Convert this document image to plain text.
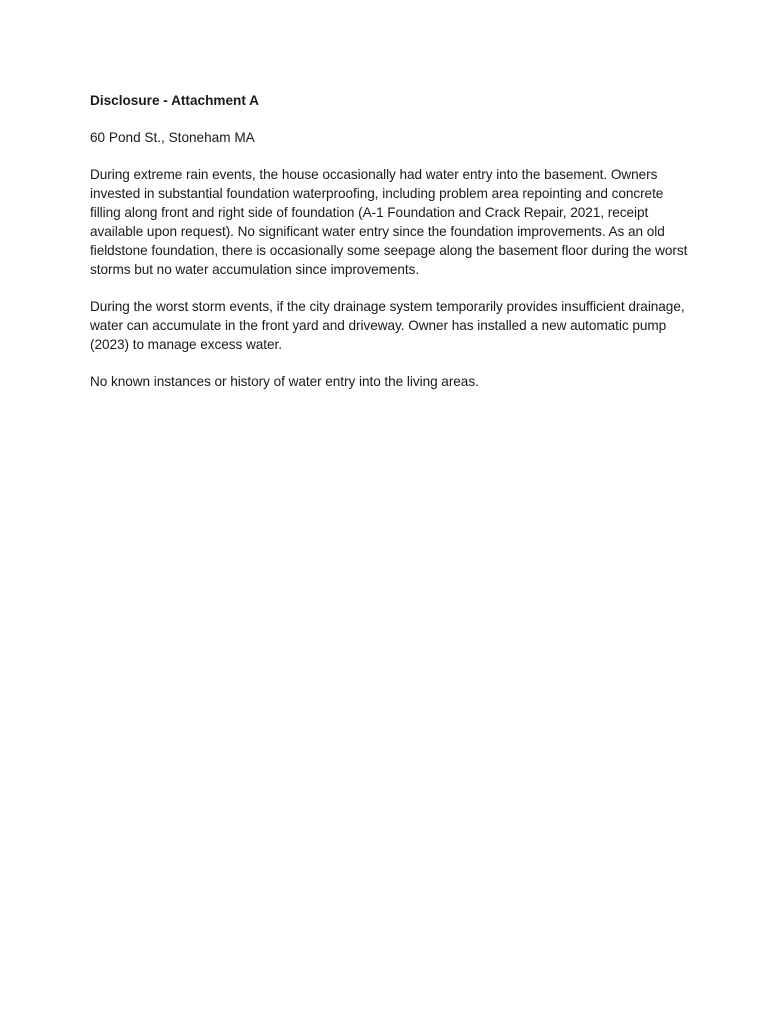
Disclosure - Attachment A
60 Pond St., Stoneham MA
During extreme rain events, the house occasionally had water entry into the basement. Owners invested in substantial foundation waterproofing, including problem area repointing and concrete filling along front and right side of foundation (A-1 Foundation and Crack Repair, 2021, receipt available upon request). No significant water entry since the foundation improvements. As an old fieldstone foundation, there is occasionally some seepage along the basement floor during the worst storms but no water accumulation since improvements.
During the worst storm events, if the city drainage system temporarily provides insufficient drainage, water can accumulate in the front yard and driveway. Owner has installed a new automatic pump (2023) to manage excess water.
No known instances or history of water entry into the living areas.
